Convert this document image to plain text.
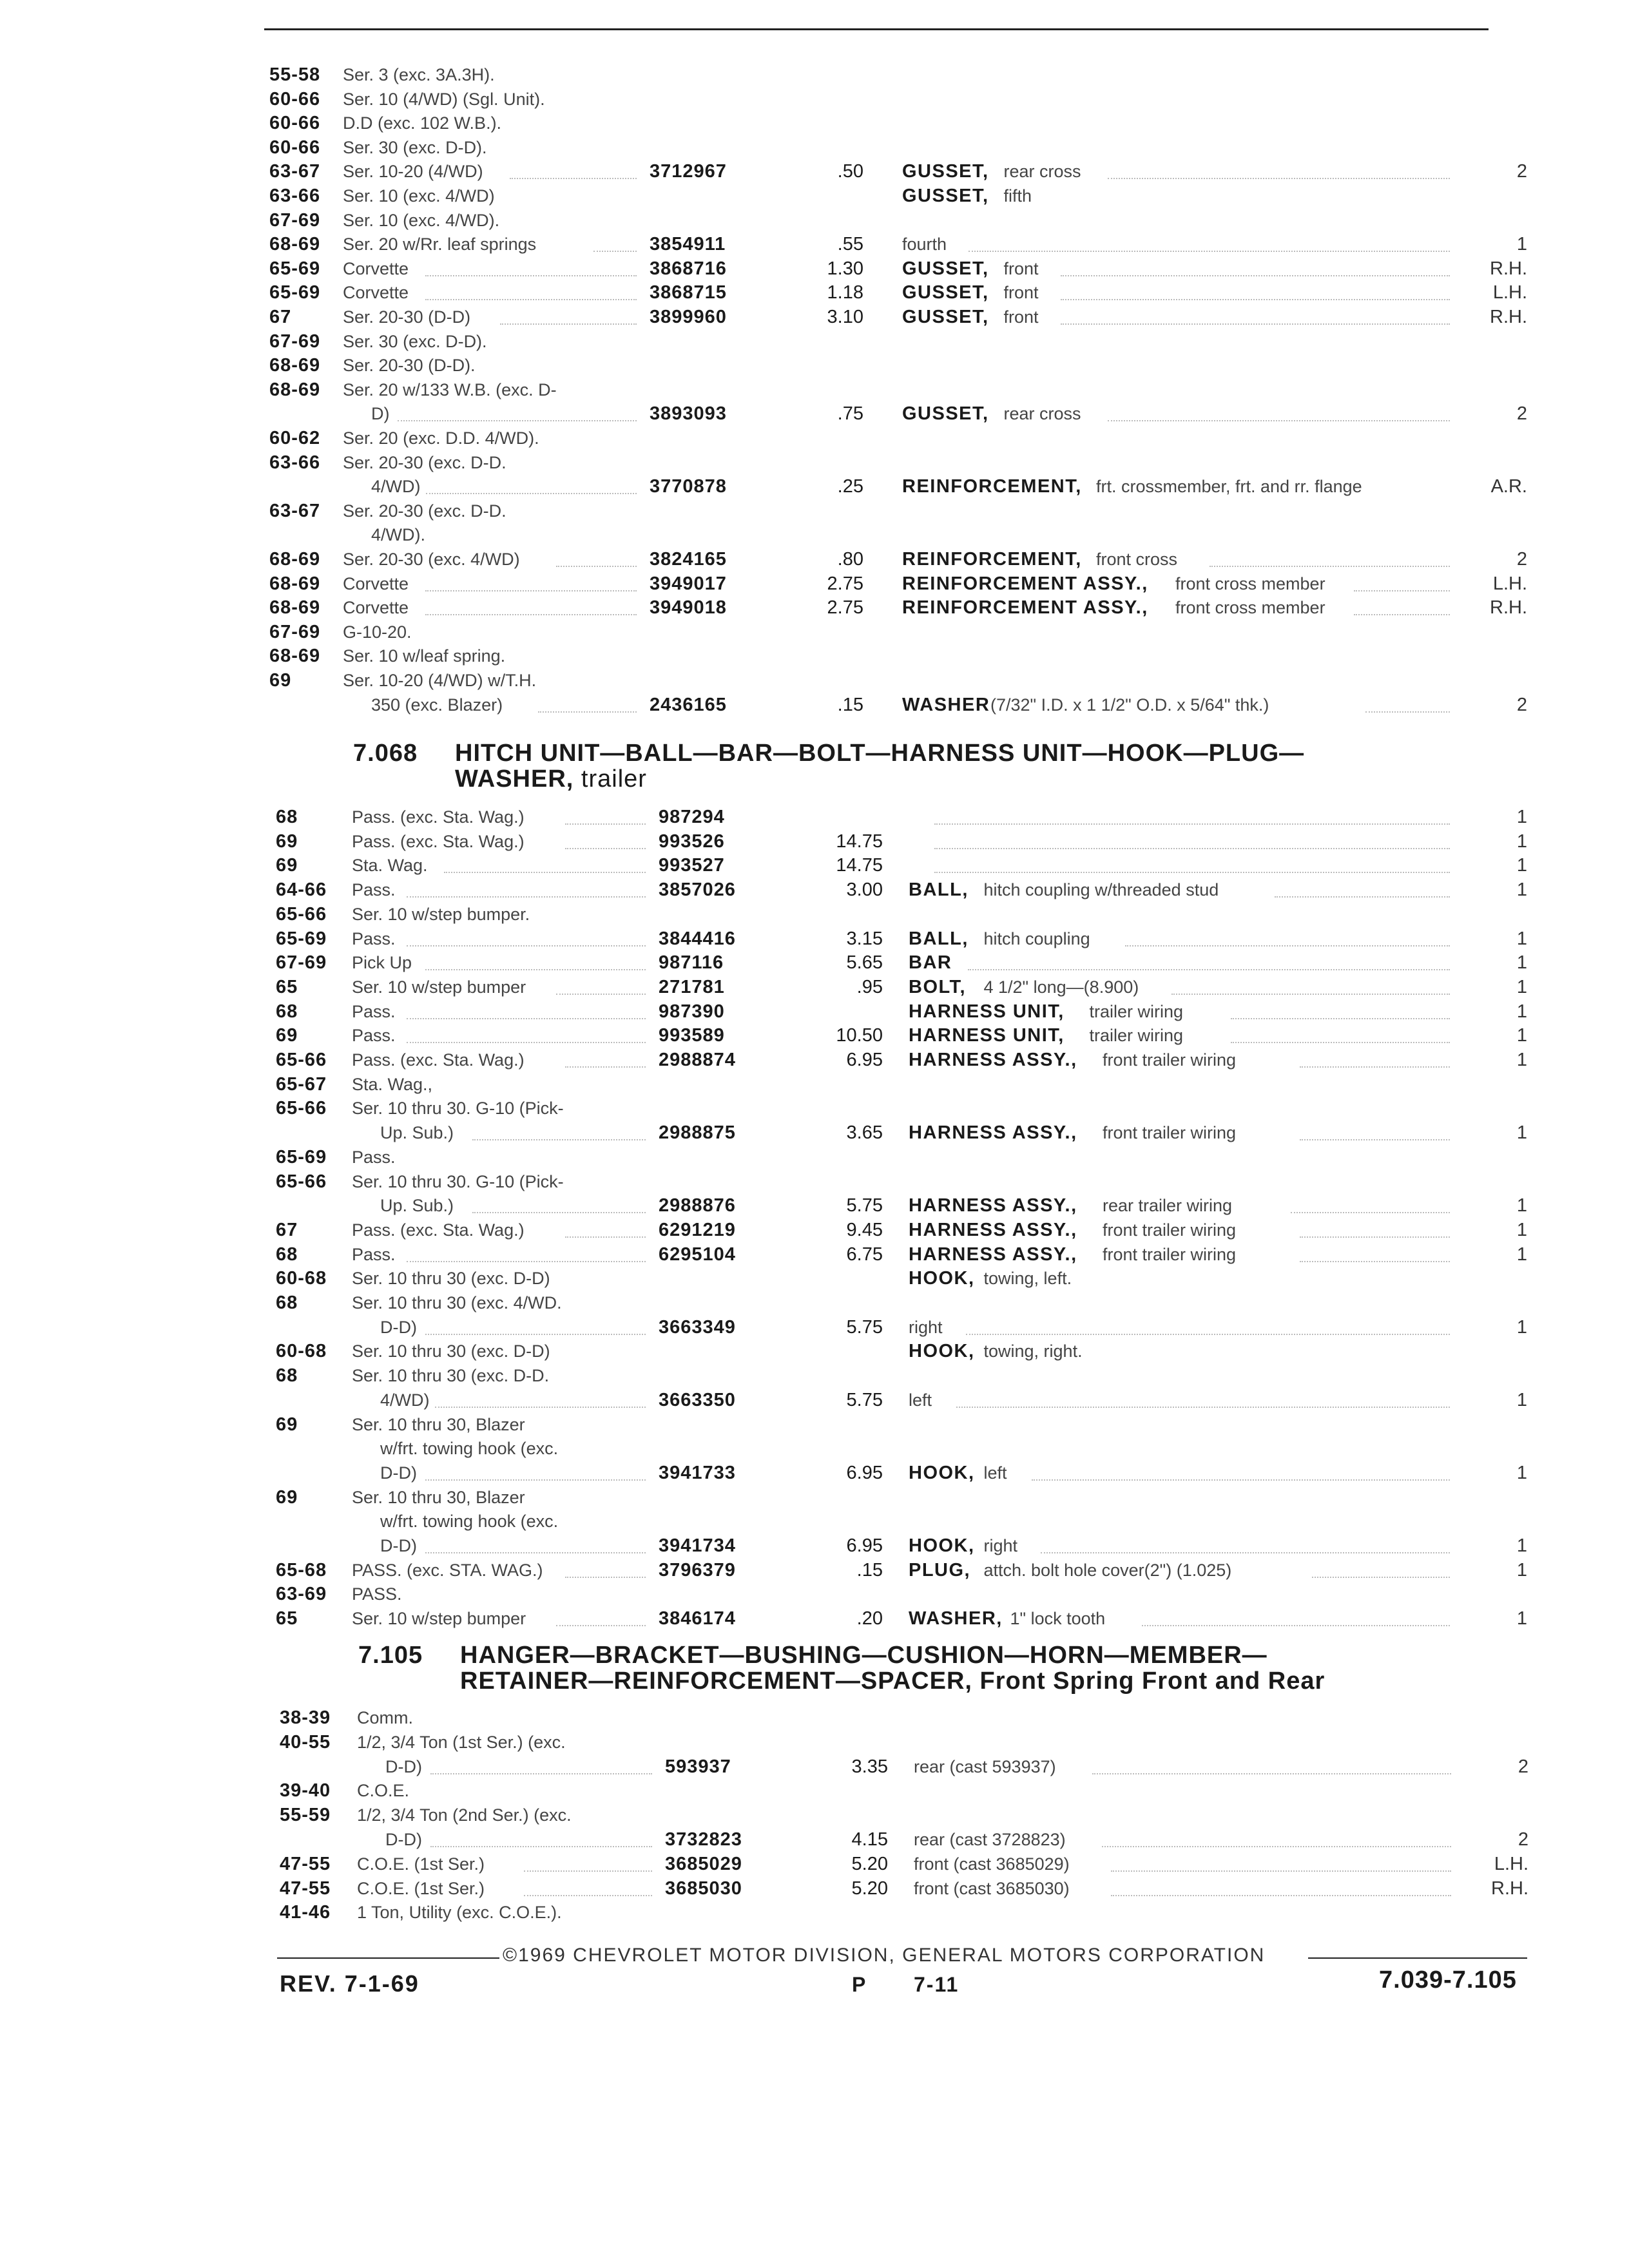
55-58 Ser. 3 (exc. 3A.3H).
60-66 Ser. 10 (4/WD) (Sgl. Unit).
60-66 D.D (exc. 102 W.B.).
60-66 Ser. 30 (exc. D-D).
63-67 Ser. 10-20 (4/WD)	3712967	.50 GUSSET, rear cross	2
63-66 Ser. 10 (exc. 4/WD)	GUSSET, fifth
67-69 Ser. 10 (exc. 4/WD).
68-69 Ser. 20 w/Rr. leaf springs	3854911	.55 fourth	1
65-69 Corvette	3868716	1.30 GUSSET, front	R.H.
65-69 Corvette	3868715	1.18 GUSSET, front	L.H.
67	Ser. 20-30 (D-D)	3899960	3.10 GUSSET, front	R.H.
67-69 Ser. 30 (exc. D-D).
68-69 Ser. 20-30 (D-D).
68-69 Ser. 20 w/133 W.B. (exc. D-
D)	3893093	.75 GUSSET, rear cross	2
60-62 Ser. 20 (exc. D.D. 4/WD).
63-66 Ser. 20-30 (exc. D-D.
4/WD)	3770878	.25 REINFORCEMENT, frt. crossmember, frt. and rr. flange	A.R.
63-67 Ser. 20-30 (exc. D-D.
4/WD).
68-69 Ser. 20-30 (exc. 4/WD)	3824165	.80 REINFORCEMENT, front cross	2
68-69 Corvette	3949017	2.75 REINFORCEMENT ASSY., front cross member	L.H.
68-69 Corvette	3949018	2.75 REINFORCEMENT ASSY., front cross member	R.H.
67-69 G-10-20.
68-69 Ser. 10 w/leaf spring.
69	Ser. 10-20 (4/WD) w/T.H.
350 (exc. Blazer)	2436165	.15 WASHER (7/32" I.D. x 1 1/2" O.D. x 5/64" thk.)	2
7.068 HITCH UNIT—BALL—BAR—BOLT—HARNESS UNIT—HOOK—PLUG—
WASHER, trailer
68	Pass. (exc. Sta. Wag.)	987294	1
69	Pass. (exc. Sta. Wag.)	993526	14.75	1
69	Sta. Wag.	993527	14.75	1
64-66 Pass.	3857026	3.00 BALL, hitch coupling w/threaded stud	1
65-66 Ser. 10 w/step bumper.
65-69 Pass.	3844416	3.15 BALL, hitch coupling	1
67-69 Pick Up	987116	5.65 BAR	1
65	Ser. 10 w/step bumper	271781	.95 BOLT, 4 1/2" long—(8.900)	1
68	Pass.	987390	HARNESS UNIT, trailer wiring	1
69	Pass.	993589	10.50 HARNESS UNIT, trailer wiring	1
65-66 Pass. (exc. Sta. Wag.)	2988874	6.95 HARNESS ASSY., front trailer wiring	1
65-67 Sta. Wag.,
65-66 Ser. 10 thru 30. G-10 (Pick-
Up. Sub.)	2988875	3.65 HARNESS ASSY., front trailer wiring	1
65-69 Pass.
65-66 Ser. 10 thru 30. G-10 (Pick-
Up. Sub.)	2988876	5.75 HARNESS ASSY., rear trailer wiring	1
67	Pass. (exc. Sta. Wag.)	6291219	9.45 HARNESS ASSY., front trailer wiring	1
68	Pass.	6295104	6.75 HARNESS ASSY., front trailer wiring	1
60-68 Ser. 10 thru 30 (exc. D-D)	HOOK, towing, left.
68	Ser. 10 thru 30 (exc. 4/WD.
D-D)	3663349	5.75 right	1
60-68 Ser. 10 thru 30 (exc. D-D)	HOOK, towing, right.
68	Ser. 10 thru 30 (exc. D-D.
4/WD)	3663350	5.75 left	1
69	Ser. 10 thru 30, Blazer
w/frt. towing hook (exc.
D-D)	3941733	6.95 HOOK, left	1
69	Ser. 10 thru 30, Blazer
w/frt. towing hook (exc.
D-D)	3941734	6.95 HOOK, right	1
65-68 PASS. (exc. STA. WAG.)	3796379	.15 PLUG, attch. bolt hole cover(2") (1.025)	1
63-69 PASS.
65	Ser. 10 w/step bumper	3846174	.20 WASHER, 1" lock tooth	1
7.105 HANGER—BRACKET—BUSHING—CUSHION—HORN—MEMBER—
RETAINER—REINFORCEMENT—SPACER, Front Spring Front and Rear
38-39 Comm.
40-55 1/2, 3/4 Ton (1st Ser.) (exc.
D-D)	593937	3.35 rear (cast 593937)	2
39-40 C.O.E.
55-59 1/2, 3/4 Ton (2nd Ser.) (exc.
D-D)	3732823	4.15 rear (cast 3728823)	2
47-55 C.O.E. (1st Ser.)	3685029	5.20 front (cast 3685029)	L.H.
47-55 C.O.E. (1st Ser.)	3685030	5.20 front (cast 3685030)	R.H.
41-46 1 Ton, Utility (exc. C.O.E.).
©1969 CHEVROLET MOTOR DIVISION, GENERAL MOTORS CORPORATION
REV. 7-1-69	P 7-11	7.039-7.105
